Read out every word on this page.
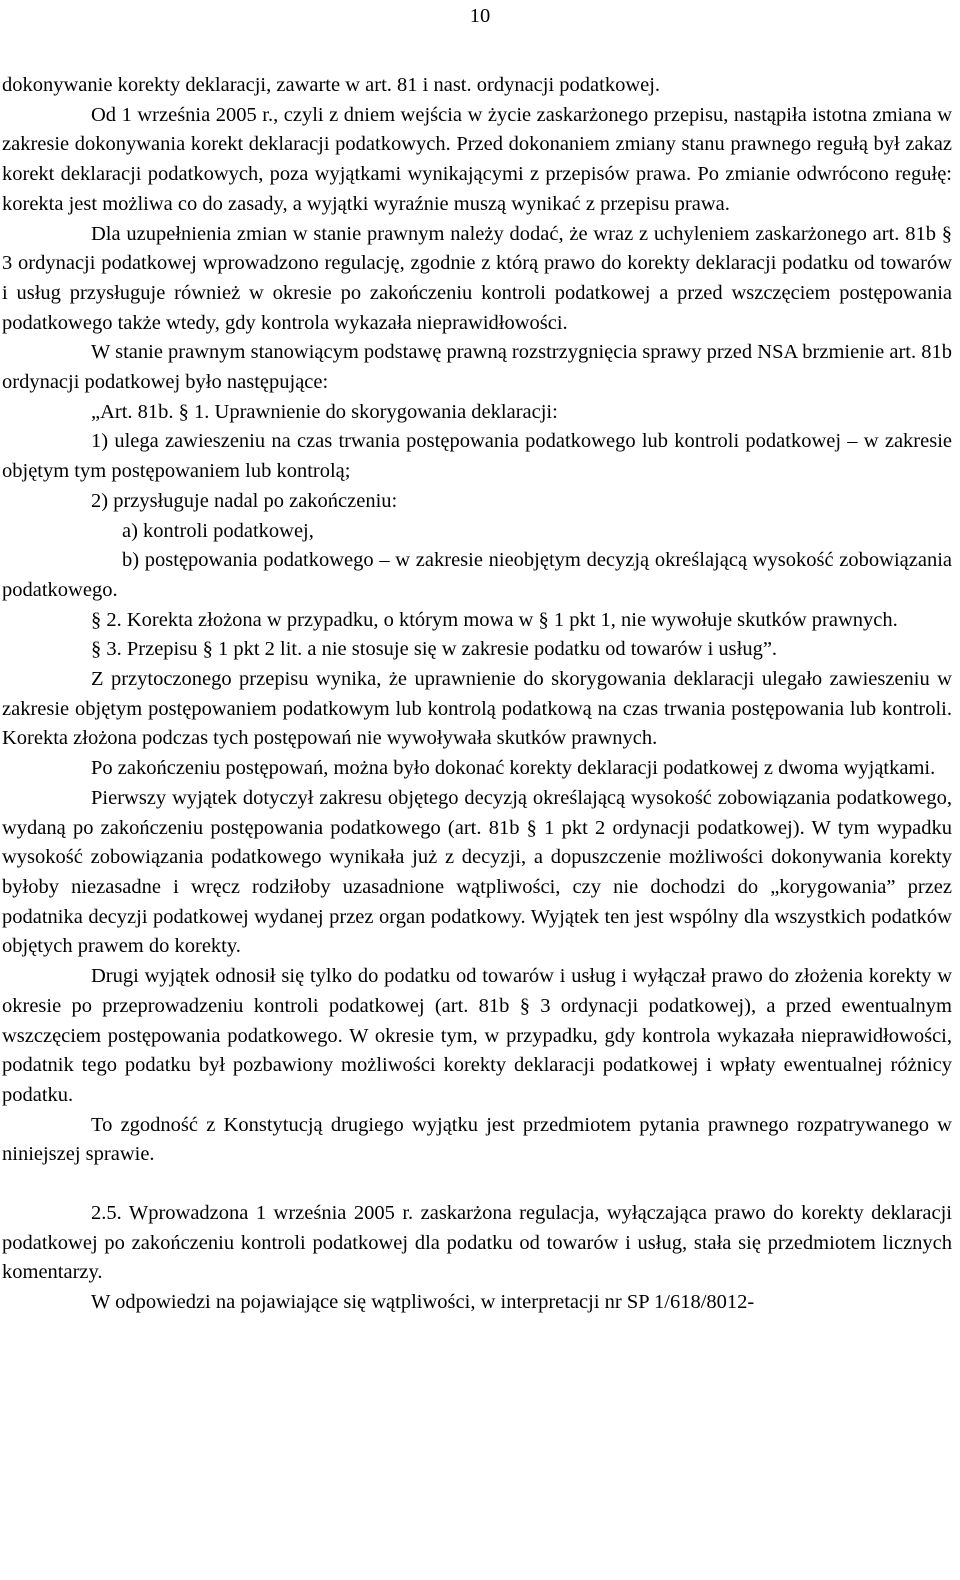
10

dokonywanie korekty deklaracji, zawarte w art. 81 i nast. ordynacji podatkowej.

Od 1 września 2005 r., czyli z dniem wejścia w życie zaskarżonego przepisu, nastąpiła istotna zmiana w zakresie dokonywania korekt deklaracji podatkowych. Przed dokonaniem zmiany stanu prawnego regułą był zakaz korekt deklaracji podatkowych, poza wyjątkami wynikającymi z przepisów prawa. Po zmianie odwrócono regułę: korekta jest możliwa co do zasady, a wyjątki wyraźnie muszą wynikać z przepisu prawa.

Dla uzupełnienia zmian w stanie prawnym należy dodać, że wraz z uchyleniem zaskarżonego art. 81b § 3 ordynacji podatkowej wprowadzono regulację, zgodnie z którą prawo do korekty deklaracji podatku od towarów i usług przysługuje również w okresie po zakończeniu kontroli podatkowej a przed wszczęciem postępowania podatkowego także wtedy, gdy kontrola wykazała nieprawidłowości.

W stanie prawnym stanowiącym podstawę prawną rozstrzygnięcia sprawy przed NSA brzmienie art. 81b ordynacji podatkowej było następujące:

„Art. 81b. § 1. Uprawnienie do skorygowania deklaracji:

1) ulega zawieszeniu na czas trwania postępowania podatkowego lub kontroli podatkowej – w zakresie objętym tym postępowaniem lub kontrolą;

2) przysługuje nadal po zakończeniu:

a) kontroli podatkowej,

b) postępowania podatkowego – w zakresie nieobjętym decyzją określającą wysokość zobowiązania podatkowego.

§ 2. Korekta złożona w przypadku, o którym mowa w § 1 pkt 1, nie wywołuje skutków prawnych.

§ 3. Przepisu § 1 pkt 2 lit. a nie stosuje się w zakresie podatku od towarów i usług”.

Z przytoczonego przepisu wynika, że uprawnienie do skorygowania deklaracji ulegało zawieszeniu w zakresie objętym postępowaniem podatkowym lub kontrolą podatkową na czas trwania postępowania lub kontroli. Korekta złożona podczas tych postępowań nie wywoływała skutków prawnych.

Po zakończeniu postępowań, można było dokonać korekty deklaracji podatkowej z dwoma wyjątkami.

Pierwszy wyjątek dotyczył zakresu objętego decyzją określającą wysokość zobowiązania podatkowego, wydaną po zakończeniu postępowania podatkowego (art. 81b § 1 pkt 2 ordynacji podatkowej). W tym wypadku wysokość zobowiązania podatkowego wynikała już z decyzji, a dopuszczenie możliwości dokonywania korekty byłoby niezasadne i wręcz rodziłoby uzasadnione wątpliwości, czy nie dochodzi do „korygowania” przez podatnika decyzji podatkowej wydanej przez organ podatkowy. Wyjątek ten jest wspólny dla wszystkich podatków objętych prawem do korekty.

Drugi wyjątek odnosił się tylko do podatku od towarów i usług i wyłączał prawo do złożenia korekty w okresie po przeprowadzeniu kontroli podatkowej (art. 81b § 3 ordynacji podatkowej), a przed ewentualnym wszczęciem postępowania podatkowego. W okresie tym, w przypadku, gdy kontrola wykazała nieprawidłowości, podatnik tego podatku był pozbawiony możliwości korekty deklaracji podatkowej i wpłaty ewentualnej różnicy podatku.

To zgodność z Konstytucją drugiego wyjątku jest przedmiotem pytania prawnego rozpatrywanego w niniejszej sprawie.

2.5. Wprowadzona 1 września 2005 r. zaskarżona regulacja, wyłączająca prawo do korekty deklaracji podatkowej po zakończeniu kontroli podatkowej dla podatku od towarów i usług, stała się przedmiotem licznych komentarzy.

W odpowiedzi na pojawiające się wątpliwości, w interpretacji nr SP 1/618/8012-
